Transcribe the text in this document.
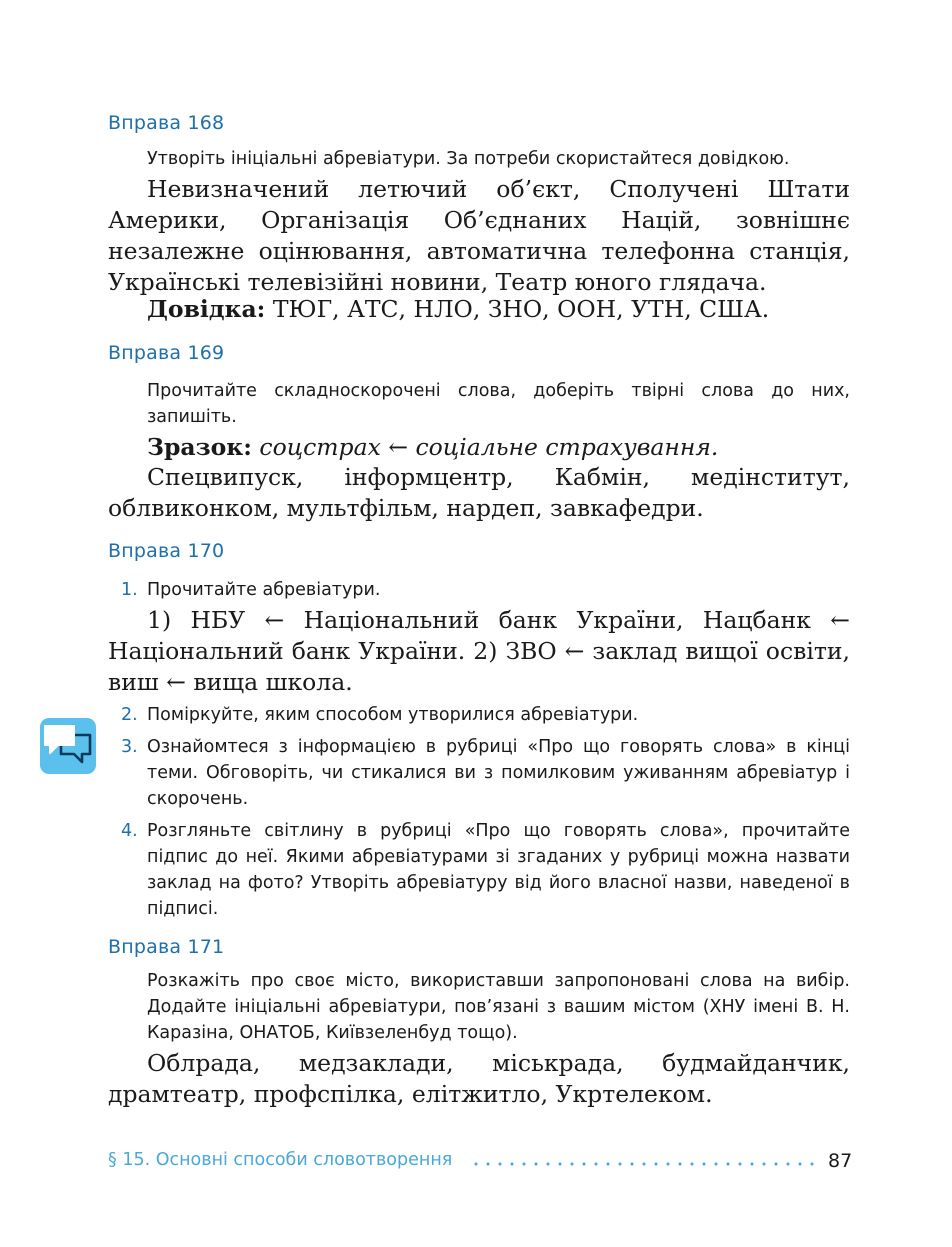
Вправа 168
Утворіть ініціальні абревіатури. За потреби скористайтеся довідкою.
Невизначений летючий об’єкт, Сполучені Штати Америки, Організація Об’єднаних Націй, зовнішнє незалежне оцінювання, автоматична телефонна станція, Українські телевізійні новини, Театр юного глядача.
Довідка: ТЮГ, АТС, НЛО, ЗНО, ООН, УТН, США.
Вправа 169
Прочитайте складноскорочені слова, доберіть твірні слова до них, запишіть.
Зразок: соцстрах ← соціальне страхування.
Спецвипуск, інформцентр, Кабмін, медінститут, облвиконком, мультфільм, нардеп, завкафедри.
Вправа 170
1. Прочитайте абревіатури.
1) НБУ ← Національний банк України, Нацбанк ← Національний банк України. 2) ЗВО ← заклад вищої освіти, виш ← вища школа.
2. Поміркуйте, яким способом утворилися абревіатури.
3. Ознайомтеся з інформацією в рубриці «Про що говорять слова» в кінці теми. Обговоріть, чи стикалися ви з помилковим уживанням абревіатур і скорочень.
4. Розгляньте світлину в рубриці «Про що говорять слова», прочитайте підпис до неї. Якими абревіатурами зі згаданих у рубриці можна назвати заклад на фото? Утворіть абревіатуру від його власної назви, наведеної в підписі.
Вправа 171
Розкажіть про своє місто, використавши запропоновані слова на вибір. Додайте ініціальні абревіатури, пов’язані з вашим містом (ХНУ імені В. Н. Каразіна, ОНАТОБ, Київзеленбуд тощо).
Облрада, медзаклади, міськрада, будмайданчик, драмтеатр, профспілка, елітжитло, Укртелеком.
§ 15. Основні способи словотворення	87
